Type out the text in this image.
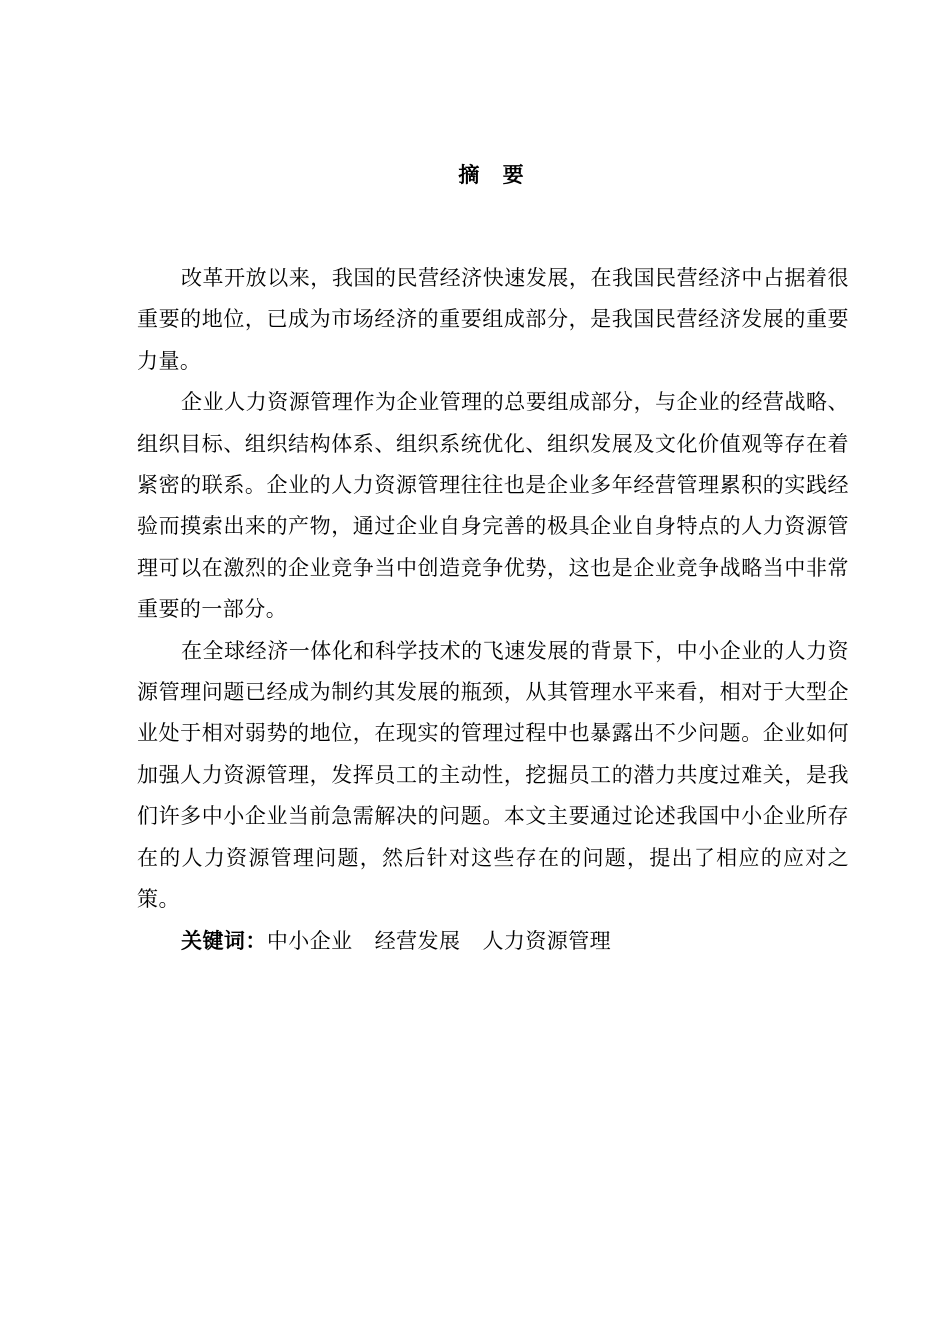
摘 要

改革开放以来，我国的民营经济快速发展，在我国民营经济中占据着很重要的地位，已成为市场经济的重要组成部分，是我国民营经济发展的重要力量。

企业人力资源管理作为企业管理的总要组成部分，与企业的经营战略、组织目标、组织结构体系、组织系统优化、组织发展及文化价值观等存在着紧密的联系。企业的人力资源管理往往也是企业多年经营管理累积的实践经验而摸索出来的产物，通过企业自身完善的极具企业自身特点的人力资源管理可以在激烈的企业竞争当中创造竞争优势，这也是企业竞争战略当中非常重要的一部分。

在全球经济一体化和科学技术的飞速发展的背景下，中小企业的人力资源管理问题已经成为制约其发展的瓶颈，从其管理水平来看，相对于大型企业处于相对弱势的地位，在现实的管理过程中也暴露出不少问题。企业如何加强人力资源管理，发挥员工的主动性，挖掘员工的潜力共度过难关，是我们许多中小企业当前急需解决的问题。本文主要通过论述我国中小企业所存在的人力资源管理问题，然后针对这些存在的问题，提出了相应的应对之策。

关键词：中小企业 经营发展 人力资源管理
